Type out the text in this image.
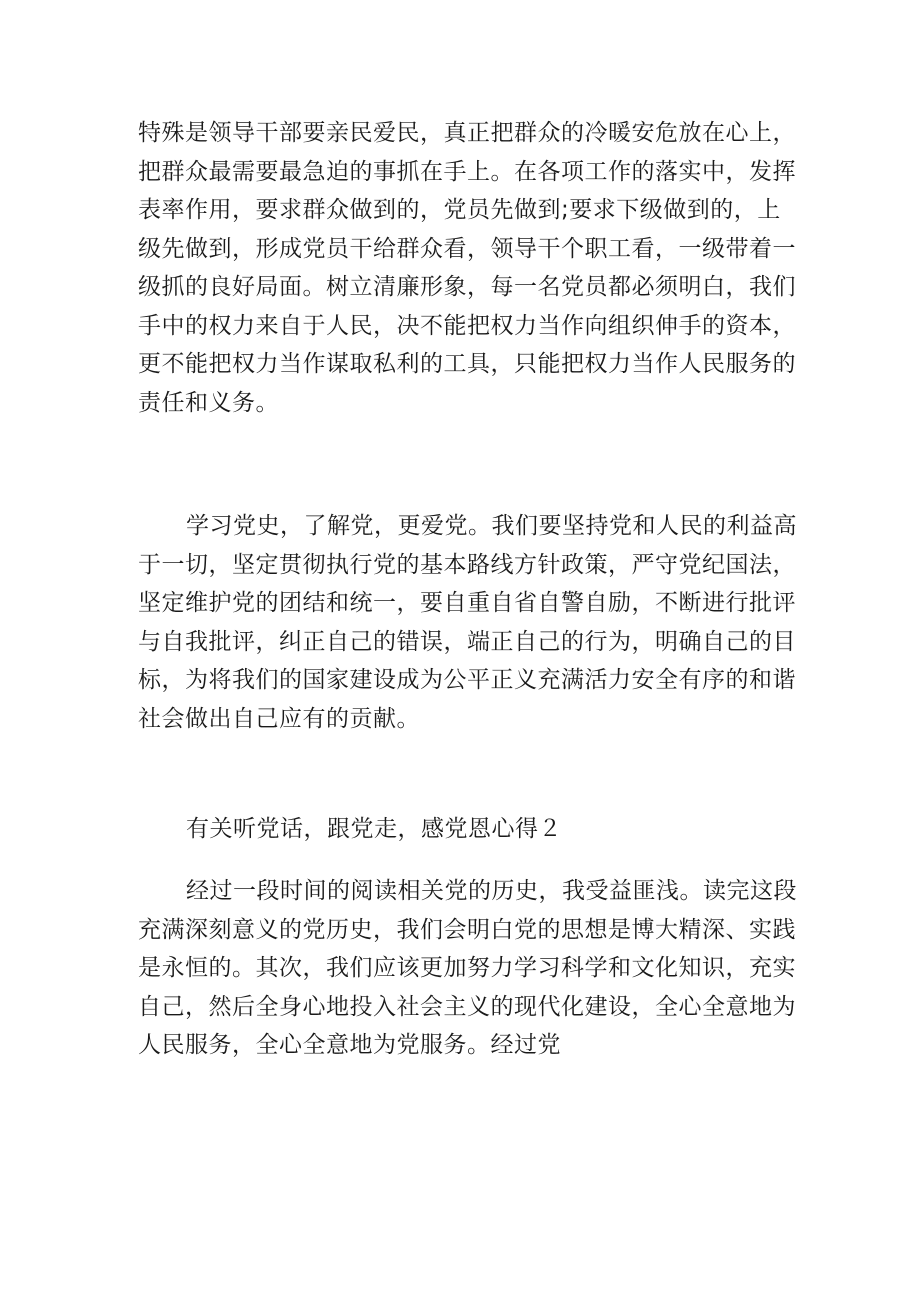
特殊是领导干部要亲民爱民，真正把群众的冷暖安危放在心上，
把群众最需要最急迫的事抓在手上。在各项工作的落实中，发挥
表率作用，要求群众做到的，党员先做到;要求下级做到的，上
级先做到，形成党员干给群众看，领导干个职工看，一级带着一
级抓的良好局面。树立清廉形象，每一名党员都必须明白，我们
手中的权力来自于人民，决不能把权力当作向组织伸手的资本，
更不能把权力当作谋取私利的工具，只能把权力当作人民服务的
责任和义务。
学习党史，了解党，更爱党。我们要坚持党和人民的利益高
于一切，坚定贯彻执行党的基本路线方针政策，严守党纪国法，
坚定维护党的团结和统一，要自重自省自警自励，不断进行批评
与自我批评，纠正自己的错误，端正自己的行为，明确自己的目
标，为将我们的国家建设成为公平正义充满活力安全有序的和谐
社会做出自己应有的贡献。
有关听党话，跟党走，感党恩心得２
经过一段时间的阅读相关党的历史，我受益匪浅。读完这段
充满深刻意义的党历史，我们会明白党的思想是博大精深、实践
是永恒的。其次，我们应该更加努力学习科学和文化知识，充实
自己，然后全身心地投入社会主义的现代化建设，全心全意地为
人民服务，全心全意地为党服务。经过党
